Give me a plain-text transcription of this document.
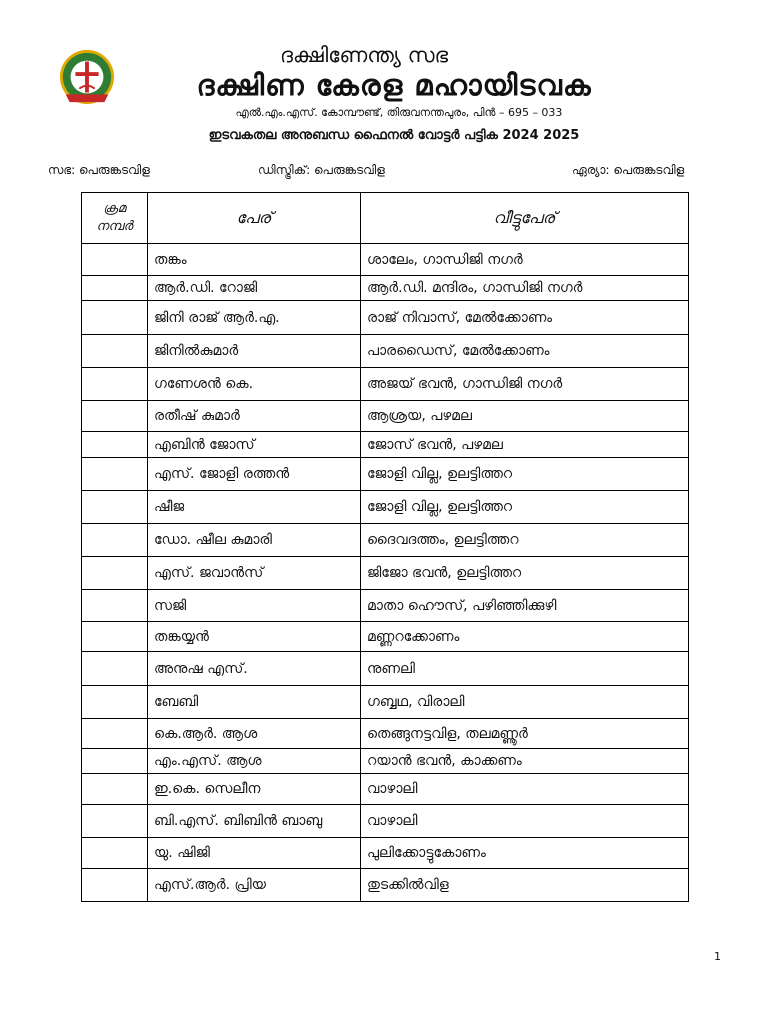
ദക്ഷിണേന്ത്യ സഭ
ദക്ഷിണ കേരള മഹായിടവക
എൽ.എം.എസ്. കോമ്പൗണ്ട്, തിരുവനന്തപുരം, പിൻ – 695 – 033
ഇടവകതല അനുബന്ധ ഫൈനൽ വോട്ടർ പട്ടിക 2024 2025
സഭ: പെരുങ്കടവിള	ഡിസ്ട്രിക്: പെരുങ്കടവിള	ഏര്യാ: പെരുങ്കടവിള
ക്രമ നമ്പർ	പേര്	വീട്ടുപേര്
	തങ്കം	ശാലേം, ഗാന്ധിജി നഗർ
	ആർ.ഡി. റോജി	ആർ.ഡി. മന്ദിരം, ഗാന്ധിജി നഗർ
	ജിനി രാജ് ആർ.എ.	രാജ് നിവാസ്, മേൽക്കോണം
	ജിനിൽകുമാർ	പാരഡൈസ്, മേൽക്കോണം
	ഗണേശൻ കെ.	അജയ് ഭവൻ, ഗാന്ധിജി നഗർ
	രതീഷ് കുമാർ	ആശ്രയ, പഴമല
	എബിൻ ജോസ്	ജോസ് ഭവൻ, പഴമല
	എസ്. ജോളി രത്തൻ	ജോളി വില്ല, ഉലട്ടിത്തറ
	ഷീജ	ജോളി വില്ല, ഉലട്ടിത്തറ
	ഡോ. ഷീല കുമാരി	ദൈവദത്തം, ഉലട്ടിത്തറ
	എസ്. ജവാൻസ്	ജിജോ ഭവൻ, ഉലട്ടിത്തറ
	സജി	മാതാ ഹൌസ്, പഴിഞ്ഞിക്കുഴി
	തങ്കയ്യൻ	മണ്ണറക്കോണം
	അനുഷ എസ്.	നുണലി
	ബേബി	ഗബ്ബഥ, വിരാലി
	കെ.ആർ. ആശ	തെങ്ങുനട്ടവിള, തലമണ്ണൂർ
	എം.എസ്. ആശ	റയാൻ ഭവൻ, കാക്കണം
	ഇ.കെ. സെലീന	വാഴാലി
	ബി.എസ്. ബിബിൻ ബാബു	വാഴാലി
	യു. ഷിജി	പുലിക്കോട്ടുകോണം
	എസ്.ആർ. പ്രിയ	തുടക്കിൽവിള
1
